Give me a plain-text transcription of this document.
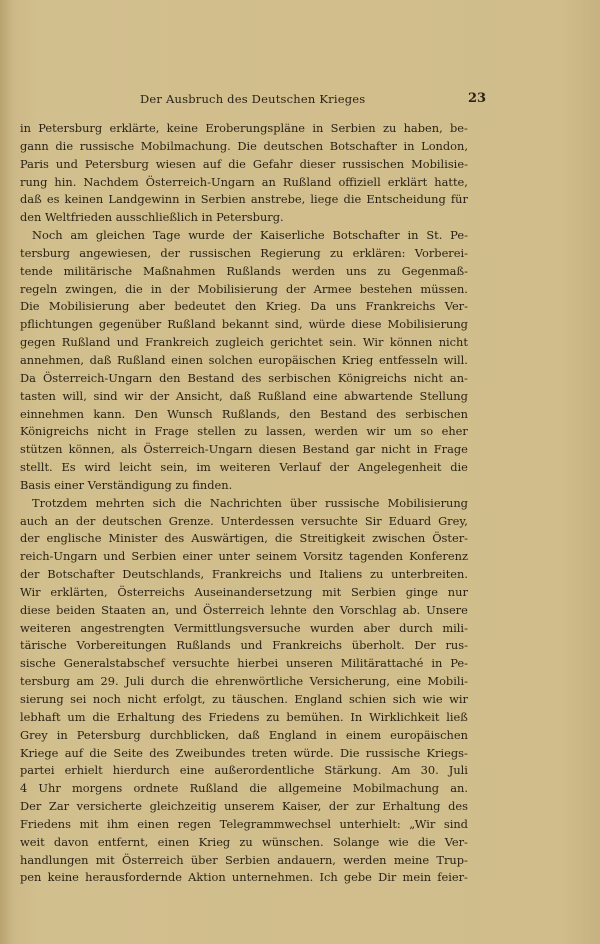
Der Ausbruch des Deutschen Krieges	23
in Petersburg erklärte, keine Eroberungspläne in Serbien zu haben, be-
gann die russische Mobilmachung. Die deutschen Botschafter in London,
Paris und Petersburg wiesen auf die Gefahr dieser russischen Mobilisie-
rung hin. Nachdem Österreich-Ungarn an Rußland offiziell erklärt hatte,
daß es keinen Landgewinn in Serbien anstrebe, liege die Entscheidung für
den Weltfrieden ausschließlich in Petersburg.
Noch am gleichen Tage wurde der Kaiserliche Botschafter in St. Pe-
tersburg angewiesen, der russischen Regierung zu erklären: Vorberei-
tende militärische Maßnahmen Rußlands werden uns zu Gegenmaß-
regeln zwingen, die in der Mobilisierung der Armee bestehen müssen.
Die Mobilisierung aber bedeutet den Krieg. Da uns Frankreichs Ver-
pflichtungen gegenüber Rußland bekannt sind, würde diese Mobilisierung
gegen Rußland und Frankreich zugleich gerichtet sein. Wir können nicht
annehmen, daß Rußland einen solchen europäischen Krieg entfesseln will.
Da Österreich-Ungarn den Bestand des serbischen Königreichs nicht an-
tasten will, sind wir der Ansicht, daß Rußland eine abwartende Stellung
einnehmen kann. Den Wunsch Rußlands, den Bestand des serbischen
Königreichs nicht in Frage stellen zu lassen, werden wir um so eher
stützen können, als Österreich-Ungarn diesen Bestand gar nicht in Frage
stellt. Es wird leicht sein, im weiteren Verlauf der Angelegenheit die
Basis einer Verständigung zu finden.
Trotzdem mehrten sich die Nachrichten über russische Mobilisierung
auch an der deutschen Grenze. Unterdessen versuchte Sir Eduard Grey,
der englische Minister des Auswärtigen, die Streitigkeit zwischen Öster-
reich-Ungarn und Serbien einer unter seinem Vorsitz tagenden Konferenz
der Botschafter Deutschlands, Frankreichs und Italiens zu unterbreiten.
Wir erklärten, Österreichs Auseinandersetzung mit Serbien ginge nur
diese beiden Staaten an, und Österreich lehnte den Vorschlag ab. Unsere
weiteren angestrengten Vermittlungsversuche wurden aber durch mili-
tärische Vorbereitungen Rußlands und Frankreichs überholt. Der rus-
sische Generalstabschef versuchte hierbei unseren Militärattaché in Pe-
tersburg am 29. Juli durch die ehrenwörtliche Versicherung, eine Mobili-
sierung sei noch nicht erfolgt, zu täuschen. England schien sich wie wir
lebhaft um die Erhaltung des Friedens zu bemühen. In Wirklichkeit ließ
Grey in Petersburg durchblicken, daß England in einem europäischen
Kriege auf die Seite des Zweibundes treten würde. Die russische Kriegs-
partei erhielt hierdurch eine außerordentliche Stärkung. Am 30. Juli
4 Uhr morgens ordnete Rußland die allgemeine Mobilmachung an.
Der Zar versicherte gleichzeitig unserem Kaiser, der zur Erhaltung des
Friedens mit ihm einen regen Telegrammwechsel unterhielt: „Wir sind
weit davon entfernt, einen Krieg zu wünschen. Solange wie die Ver-
handlungen mit Österreich über Serbien andauern, werden meine Trup-
pen keine herausfordernde Aktion unternehmen. Ich gebe Dir mein feier-
